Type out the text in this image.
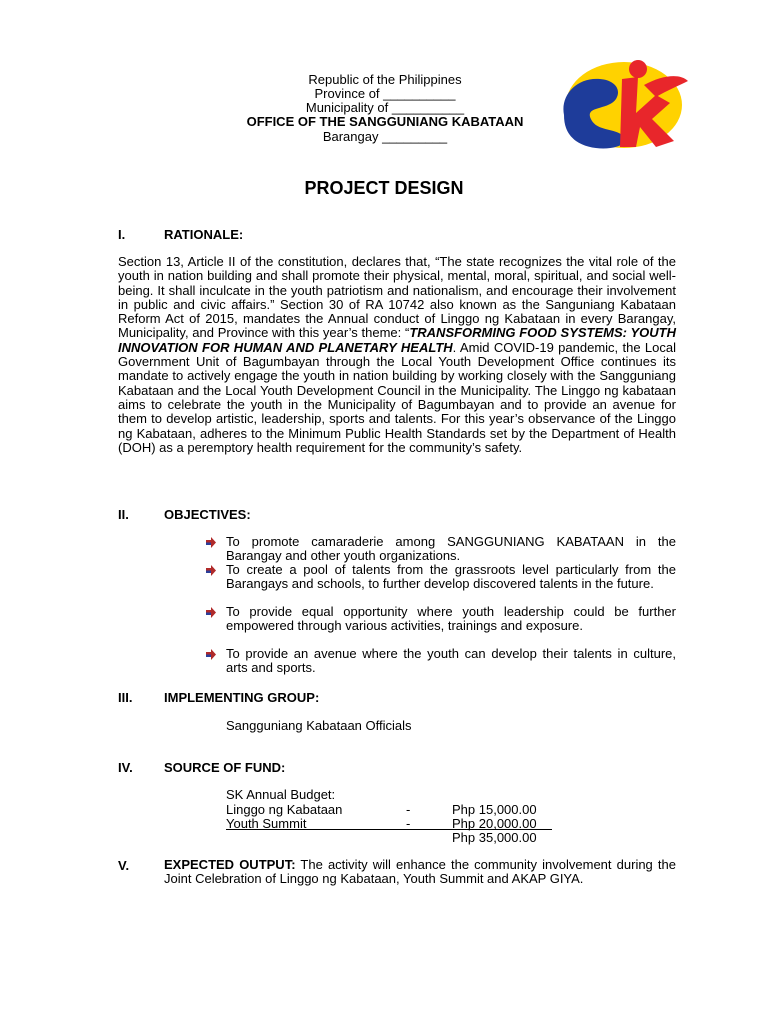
Republic of the Philippines
Province of __________
Municipality of __________
OFFICE OF THE SANGGUNIANG KABATAAN
Barangay _________
PROJECT DESIGN
I.	RATIONALE:
Section 13, Article II of the constitution, declares that, “The state recognizes the vital role of the youth in nation building and shall promote their physical, mental, moral, spiritual, and social well-being. It shall inculcate in the youth patriotism and nationalism, and encourage their involvement in public and civic affairs.” Section 30 of RA 10742 also known as the Sanguniang Kabataan Reform Act of 2015, mandates the Annual conduct of Linggo ng Kabataan in every Barangay, Municipality, and Province with this year’s theme: “TRANSFORMING FOOD SYSTEMS: YOUTH INNOVATION FOR HUMAN AND PLANETARY HEALTH. Amid COVID-19 pandemic, the Local Government Unit of Bagumbayan through the Local Youth Development Office continues its mandate to actively engage the youth in nation building by working closely with the Sangguniang Kabataan and the Local Youth Development Council in the Municipality. The Linggo ng kabataan aims to celebrate the youth in the Municipality of Bagumbayan and to provide an avenue for them to develop artistic, leadership, sports and talents. For this year’s observance of the Linggo ng Kabataan, adheres to the Minimum Public Health Standards set by the Department of Health (DOH) as a peremptory health requirement for the community’s safety.
II.	OBJECTIVES:
To promote camaraderie among SANGGUNIANG KABATAAN in the Barangay and other youth organizations.
To create a pool of talents from the grassroots level particularly from the Barangays and schools, to further develop discovered talents in the future.
To provide equal opportunity where youth leadership could be further empowered through various activities, trainings and exposure.
To provide an avenue where the youth can develop their talents in culture, arts and sports.
III. IMPLEMENTING GROUP:
Sangguniang Kabataan Officials
IV. SOURCE OF FUND:
SK Annual Budget:
Linggo ng Kabataan	-	Php 15,000.00
Youth Summit	-	Php 20,000.00
Php 35,000.00
V.	EXPECTED OUTPUT: The activity will enhance the community involvement during the Joint Celebration of Linggo ng Kabataan, Youth Summit and AKAP GIYA.
